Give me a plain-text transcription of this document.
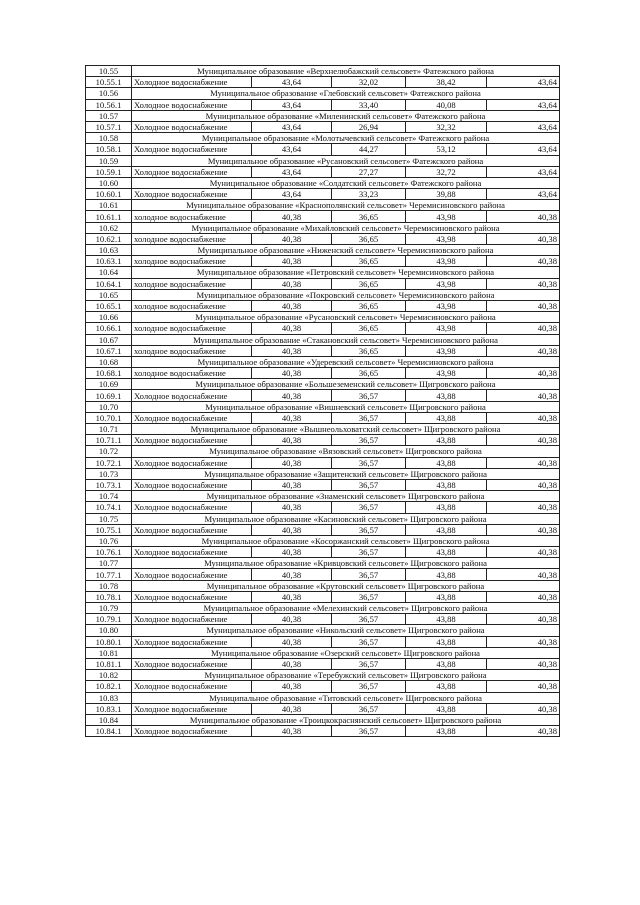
10.55	Муниципальное образование «Верхнелюбажский сельсовет» Фатежского района				
10.55.1	Холодное водоснабжение	43,64	32,02	38,42	43,64
10.56	Муниципальное образование «Глебовский сельсовет» Фатежского района				
10.56.1	Холодное водоснабжение	43,64	33,40	40,08	43,64
10.57	Муниципальное образование «Миленинский сельсовет» Фатежского района				
10.57.1	Холодное водоснабжение	43,64	26,94	32,32	43,64
10.58	Муниципальное образование «Молотычевский сельсовет» Фатежского района				
10.58.1	Холодное водоснабжение	43,64	44,27	53,12	43,64
10.59	Муниципальное образование «Русановский сельсовет» Фатежского района				
10.59.1	Холодное водоснабжение	43,64	27,27	32,72	43,64
10.60	Муниципальное образование «Солдатский сельсовет» Фатежского района				
10.60.1	Холодное водоснабжение	43,64	33,23	39,88	43,64
10.61	Муниципальное образование «Краснополянский сельсовет» Черемисиновского района				
10.61.1	холодное водоснабжение	40,38	36,65	43,98	40,38
10.62	Муниципальное образование «Михайловский сельсовет» Черемисиновского района				
10.62.1	холодное водоснабжение	40,38	36,65	43,98	40,38
10.63	Муниципальное образование «Ниженский сельсовет» Черемисиновского района				
10.63.1	холодное водоснабжение	40,38	36,65	43,98	40,38
10.64	Муниципальное образование «Петровский сельсовет» Черемисиновского района				
10.64.1	холодное водоснабжение	40,38	36,65	43,98	40,38
10.65	Муниципальное образование «Покровский сельсовет» Черемисиновского района				
10.65.1	холодное водоснабжение	40,38	36,65	43,98	40,38
10.66	Муниципальное образование «Русановский сельсовет» Черемисиновского района				
10.66.1	холодное водоснабжение	40,38	36,65	43,98	40,38
10.67	Муниципальное образование «Стакановский сельсовет» Черемисиновского района				
10.67.1	холодное водоснабжение	40,38	36,65	43,98	40,38
10.68	Муниципальное образование «Удеревский сельсовет» Черемисиновского района				
10.68.1	холодное водоснабжение	40,38	36,65	43,98	40,38
10.69	Муниципальное образование «Большеземенский сельсовет» Щигровского района				
10.69.1	Холодное водоснабжение	40,38	36,57	43,88	40,38
10.70	Муниципальное образование «Вишневский сельсовет» Щигровского района				
10.70.1	Холодное водоснабжение	40,38	36,57	43,88	40,38
10.71	Муниципальное образование «Вышнеольховатский сельсовет» Щигровского района				
10.71.1	Холодное водоснабжение	40,38	36,57	43,88	40,38
10.72	Муниципальное образование «Вязовский сельсовет» Щигровского района				
10.72.1	Холодное водоснабжение	40,38	36,57	43,88	40,38
10.73	Муниципальное образование «Защитенский сельсовет» Щигровского района				
10.73.1	Холодное водоснабжение	40,38	36,57	43,88	40,38
10.74	Муниципальное образование «Знаменский сельсовет» Щигровского района				
10.74.1	Холодное водоснабжение	40,38	36,57	43,88	40,38
10.75	Муниципальное образование «Касиновский сельсовет» Щигровского района				
10.75.1	Холодное водоснабжение	40,38	36,57	43,88	40,38
10.76	Муниципальное образование «Косоржанский сельсовет» Щигровского района				
10.76.1	Холодное водоснабжение	40,38	36,57	43,88	40,38
10.77	Муниципальное образование «Кривцовский сельсовет» Щигровского района				
10.77.1	Холодное водоснабжение	40,38	36,57	43,88	40,38
10.78	Муниципальное образование «Крутовский сельсовет» Щигровского района				
10.78.1	Холодное водоснабжение	40,38	36,57	43,88	40,38
10.79	Муниципальное образование «Мелехинский сельсовет» Щигровского района				
10.79.1	Холодное водоснабжение	40,38	36,57	43,88	40,38
10.80	Муниципальное образование «Никольский сельсовет» Щигровского района				
10.80.1	Холодное водоснабжение	40,38	36,57	43,88	40,38
10.81	Муниципальное образование «Озерский сельсовет» Щигровского района				
10.81.1	Холодное водоснабжение	40,38	36,57	43,88	40,38
10.82	Муниципальное образование «Теребужский сельсовет» Щигровского района				
10.82.1	Холодное водоснабжение	40,38	36,57	43,88	40,38
10.83	Муниципальное образование «Титовский сельсовет» Щигровского района				
10.83.1	Холодное водоснабжение	40,38	36,57	43,88	40,38
10.84	Муниципальное образование «Троицкокраснянский сельсовет» Щигровского района				
10.84.1	Холодное водоснабжение	40,38	36,57	43,88	40,38
